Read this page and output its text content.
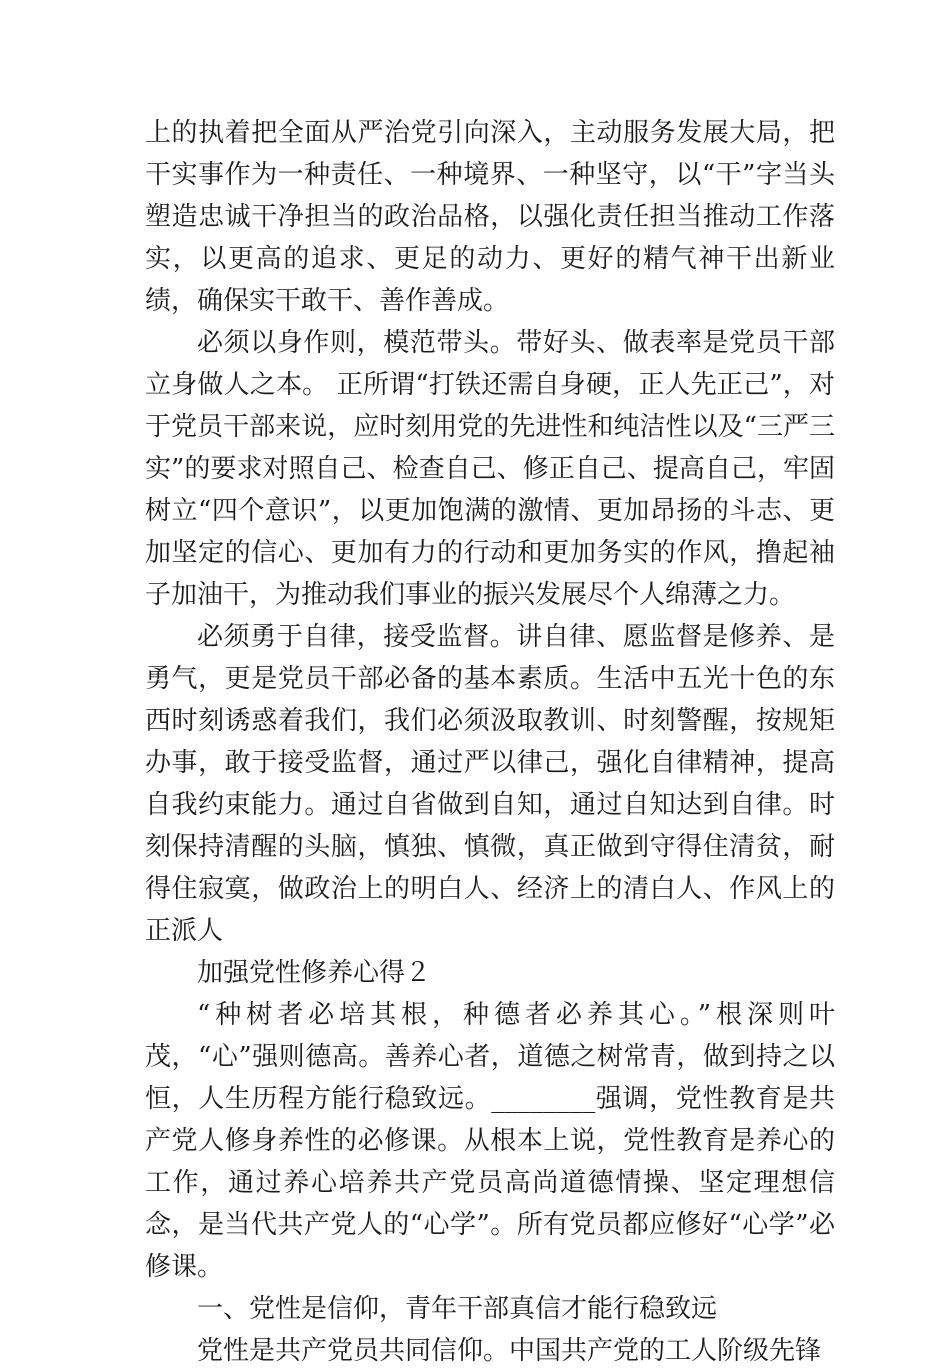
上的执着把全面从严治党引向深入，主动服务发展大局，把干实事作为一种责任、一种境界、一种坚守，以“干”字当头塑造忠诚干净担当的政治品格，以强化责任担当推动工作落实，以更高的追求、更足的动力、更好的精气神干出新业绩，确保实干敢干、善作善成。

必须以身作则，模范带头。带好头、做表率是党员干部立身做人之本。 正所谓“打铁还需自身硬，正人先正己”，对于党员干部来说，应时刻用党的先进性和纯洁性以及“三严三实”的要求对照自己、检查自己、修正自己、提高自己，牢固树立“四个意识”，以更加饱满的激情、更加昂扬的斗志、更加坚定的信心、更加有力的行动和更加务实的作风，撸起袖子加油干，为推动我们事业的振兴发展尽个人绵薄之力。

必须勇于自律，接受监督。讲自律、愿监督是修养、是勇气，更是党员干部必备的基本素质。生活中五光十色的东西时刻诱惑着我们，我们必须汲取教训、时刻警醒，按规矩办事，敢于接受监督，通过严以律己，强化自律精神，提高自我约束能力。通过自省做到自知，通过自知达到自律。时刻保持清醒的头脑，慎独、慎微，真正做到守得住清贫，耐得住寂寞，做政治上的明白人、经济上的清白人、作风上的正派人

加强党性修养心得２

“种树者必培其根，种德者必养其心。”根深则叶茂，“心”强则德高。善养心者，道德之树常青，做到持之以恒，人生历程方能行稳致远。________强调，党性教育是共产党人修身养性的必修课。从根本上说，党性教育是养心的工作，通过养心培养共产党员高尚道德情操、坚定理想信念，是当代共产党人的“心学”。所有党员都应修好“心学”必修课。

一、党性是信仰，青年干部真信才能行稳致远

党性是共产党员共同信仰。中国共产党的工人阶级先锋
